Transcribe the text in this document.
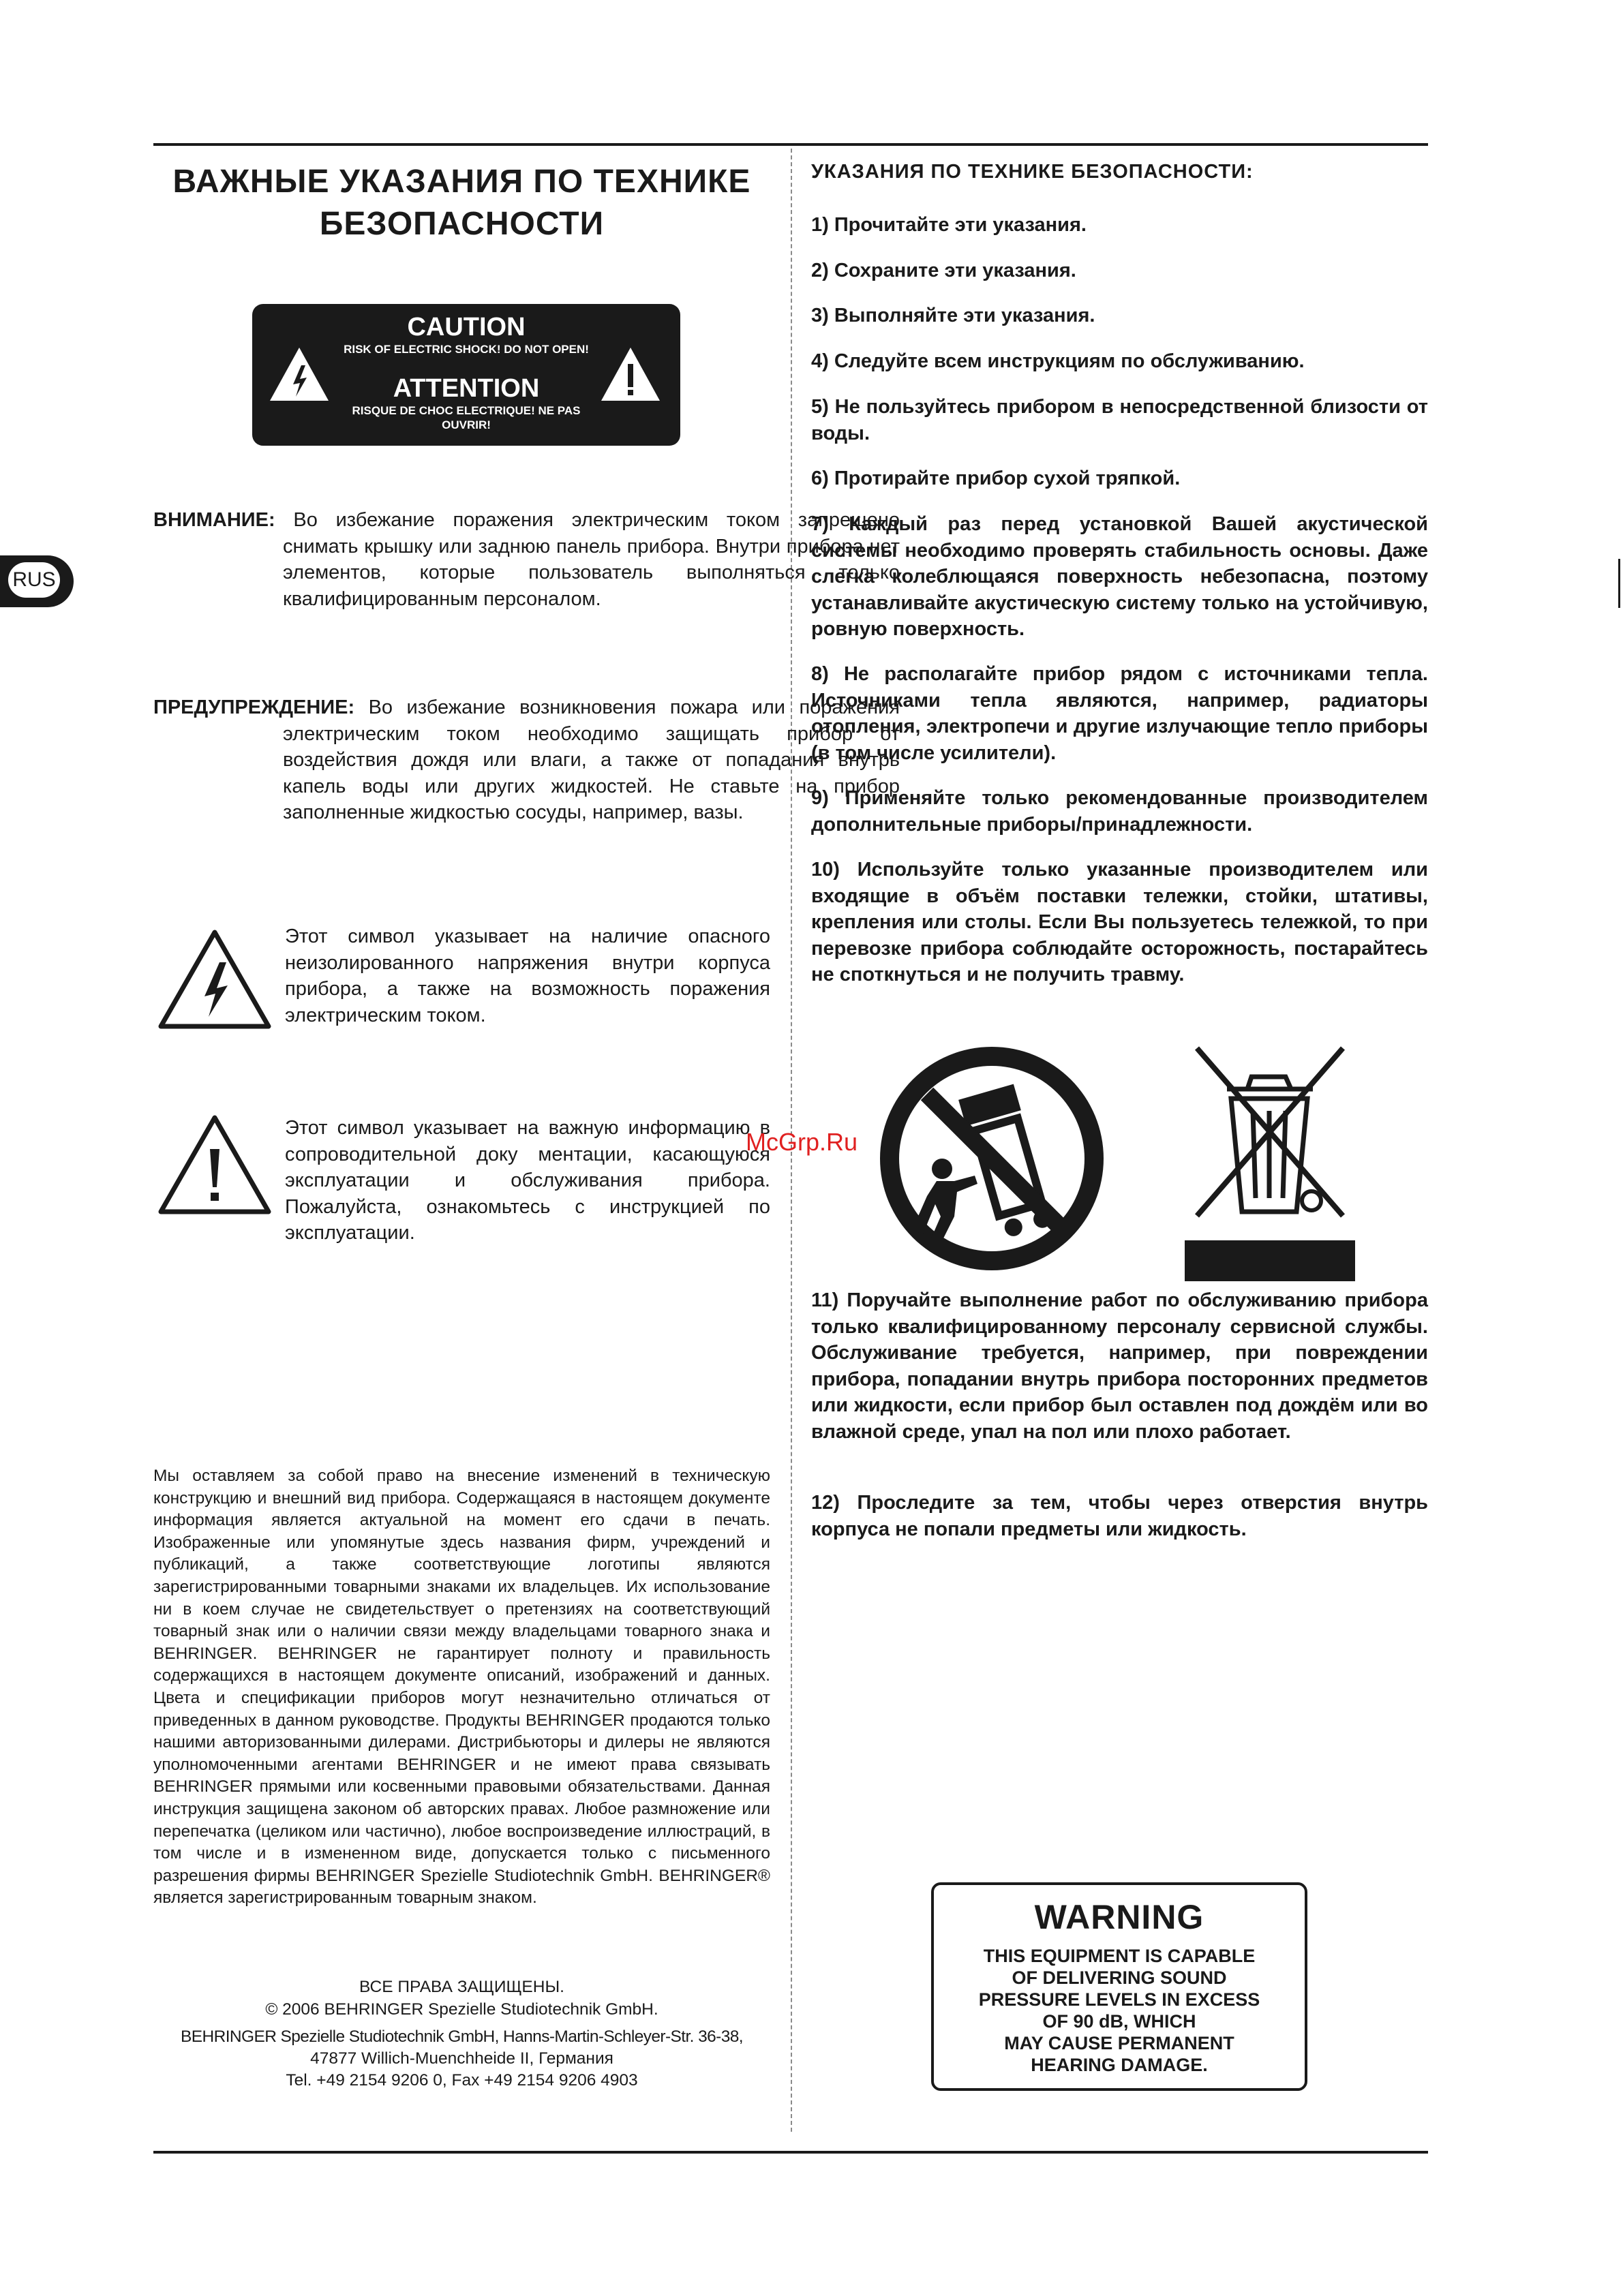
RUS
ВАЖНЫЕ УКАЗАНИЯ ПО ТЕХНИКЕ БЕЗОПАСНОСТИ
CAUTION
RISK OF ELECTRIC SHOCK! DO NOT OPEN!
ATTENTION
RISQUE DE CHOC ELECTRIQUE! NE PAS OUVRIR!
ВНИМАНИЕ: Во избежание поражения электрическим током запрещено снимать крышку или заднюю панель прибора. Внутри прибора нет элементов, которые пользователь выполняться только квалифицированным персоналом.
ПРЕДУПРЕЖДЕНИЕ: Во избежание возникновения пожара или поражения электрическим током необходимо защищать прибор от воздействия дождя или влаги, а также от попадания внутрь капель воды или других жидкостей. Не ставьте на прибор заполненные жидкостью сосуды, например, вазы.
Этот символ указывает на наличие опасного неизолированного напряжения внутри корпуса прибора, а также на возможность поражения электрическим током.
Этот символ указывает на важную информацию в сопроводительной доку ментации, касающуюся эксплуатации и обслуживания прибора. Пожалуйста, ознакомьтесь с инструкцией по эксплуатации.
Мы оставляем за собой право на внесение изменений в техническую конструкцию и внешний вид прибора. Содержащаяся в настоящем документе информация является актуальной на момент его сдачи в печать. Изображенные или упомянутые здесь названия фирм, учреждений и публикаций, а также соответствующие логотипы являются зарегистрированными товарными знаками их владельцев. Их использование ни в коем случае не свидетельствует о претензиях на соответствующий товарный знак или о наличии связи между владельцами товарного знака и BEHRINGER. BEHRINGER не гарантирует полноту и правильность содержащихся в настоящем документе описаний, изображений и данных. Цвета и спецификации приборов могут незначительно отличаться от приведенных в данном руководстве. Продукты BEHRINGER продаются только нашими авторизованными дилерами. Дистрибьюторы и дилеры не являются уполномоченными агентами BEHRINGER и не имеют права связывать BEHRINGER прямыми или косвенными правовыми обязательствами. Данная инструкция защищена законом об авторских правах. Любое размножение или перепечатка (целиком или частично), любое воспроизведение иллюстраций, в том числе и в измененном виде, допускается только с письменного разрешения фирмы BEHRINGER Spezielle Studiotechnik GmbH. BEHRINGER® является зарегистрированным товарным знаком.
ВСЕ ПРАВА ЗАЩИЩЕНЫ.
© 2006 BEHRINGER Spezielle Studiotechnik GmbH.
BEHRINGER Spezielle Studiotechnik GmbH, Hanns-Martin-Schleyer-Str. 36-38,
47877 Willich-Muenchheide II, Германия
Tel. +49 2154 9206 0, Fax +49 2154 9206 4903
УКАЗАНИЯ ПО ТЕХНИКЕ БЕЗОПАСНОСТИ:
1) Прочитайте эти указания.
2) Сохраните эти указания.
3) Выполняйте эти указания.
4) Следуйте всем инструкциям по обслуживанию.
5) Не пользуйтесь прибором в непосредственной близости от воды.
6) Протирайте прибор сухой тряпкой.
7) Каждый раз перед установкой Вашей акустической системы необходимо проверять стабильность основы. Даже слегка колеблющаяся поверхность небезопасна, поэтому устанавливайте акустическую систему только на устойчивую, ровную поверхность.
8) Не располагайте прибор рядом с источниками тепла. Источниками тепла являются, например, радиаторы отопления, электропечи и другие излучающие тепло приборы (в том числе усилители).
9) Применяйте только рекомендованные производителем дополнительные приборы/принадлежности.
10) Используйте только указанные производителем или входящие в объём поставки тележки, стойки, штативы, крепления или столы. Если Вы пользуетесь тележкой, то при перевозке прибора соблюдайте осторожность, постарайтесь не споткнуться и не получить травму.
11) Поручайте выполнение работ по обслуживанию прибора только квалифицированному персоналу сервисной службы. Обслуживание требуется, например, при повреждении прибора, попадании внутрь прибора посторонних предметов или жидкости, если прибор был оставлен под дождём или во влажной среде, упал на пол или плохо работает.
12) Проследите за тем, чтобы через отверстия внутрь корпуса не попали предметы или жидкость.
WARNING
THIS EQUIPMENT IS CAPABLE
OF DELIVERING SOUND
PRESSURE LEVELS IN EXCESS
OF 90 dB, WHICH
MAY CAUSE PERMANENT
HEARING DAMAGE.
McGrp.Ru
